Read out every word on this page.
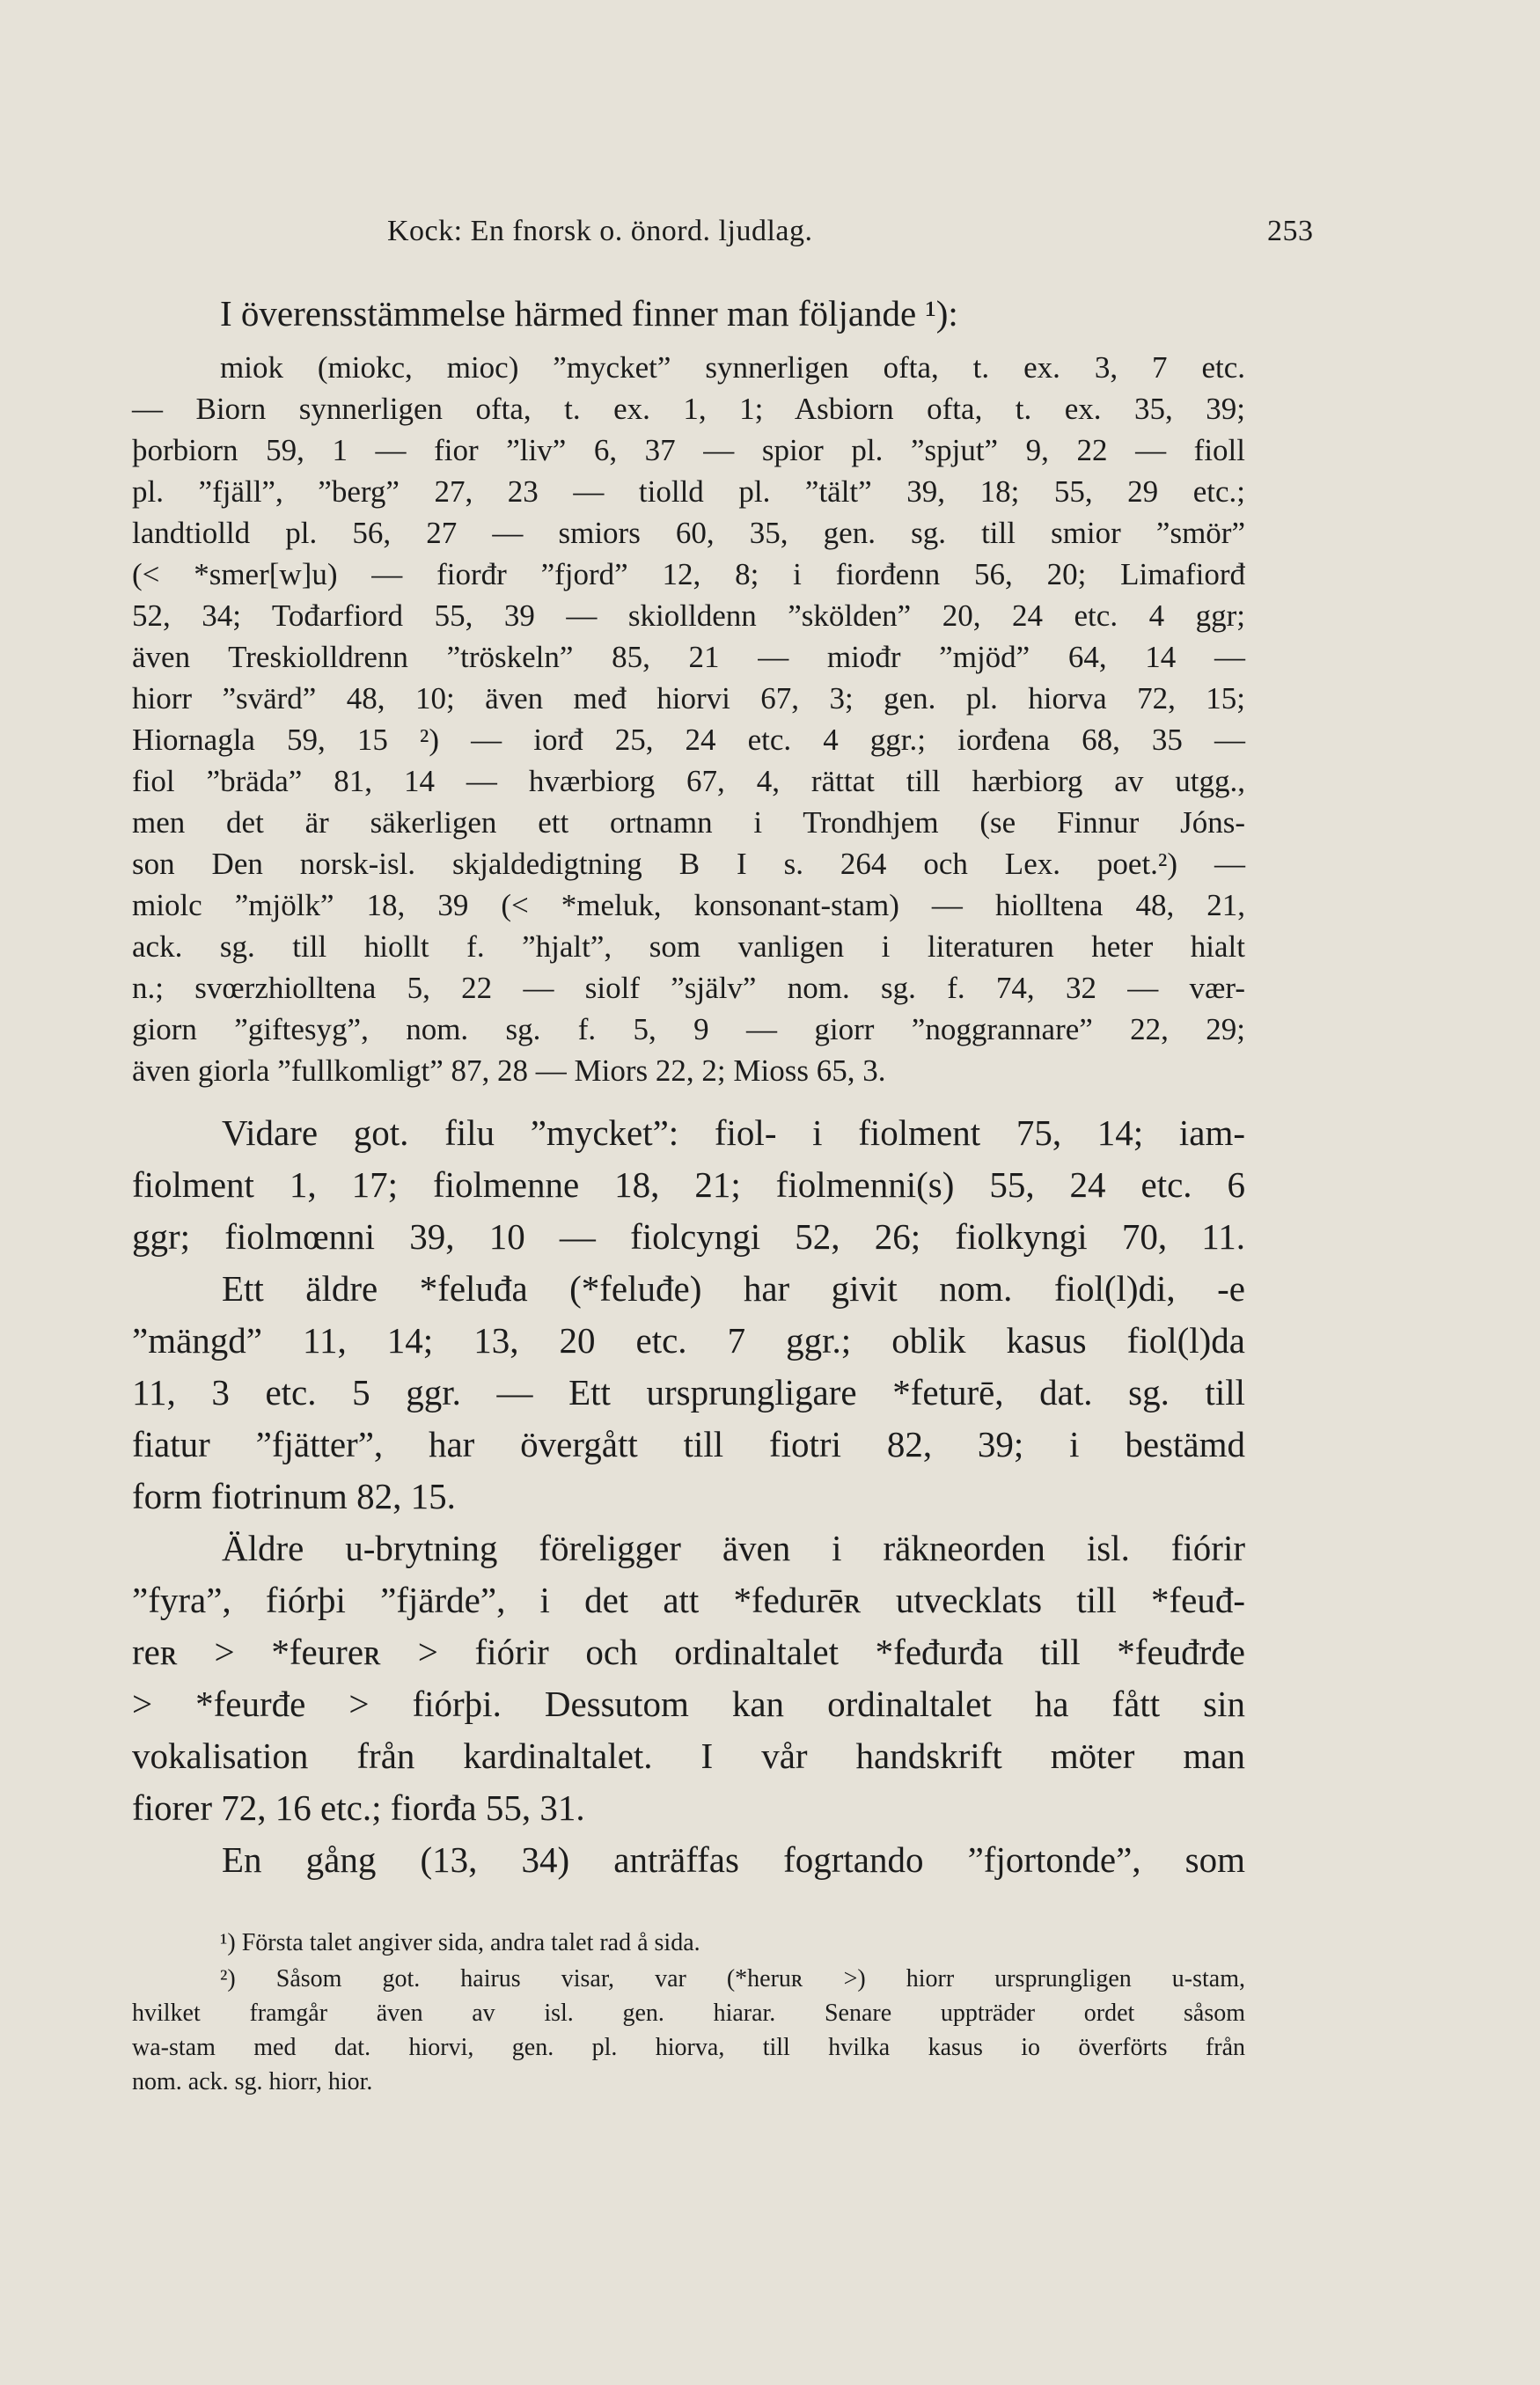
Kock: En fnorsk o. önord. ljudlag.	253
I överensstämmelse härmed finner man följande ¹):
miok (miokc, mioc) ”mycket” synnerligen ofta, t. ex. 3, 7 etc.
— Biorn synnerligen ofta, t. ex. 1, 1; Asbiorn ofta, t. ex. 35, 39;
þorbiorn 59, 1 — fior ”liv” 6, 37 — spior pl. ”spjut” 9, 22 — fioll
pl. ”fjäll”, ”berg” 27, 23 — tiolld pl. ”tält” 39, 18; 55, 29 etc.;
landtiolld pl. 56, 27 — smiors 60, 35, gen. sg. till smior ”smör”
(< *smer[w]u) — fiorđr ”fjord” 12, 8; i fiorđenn 56, 20; Limafiorđ
52, 34; Tođarfiord 55, 39 — skiolldenn ”skölden” 20, 24 etc. 4 ggr;
även Treskiolldrenn ”tröskeln” 85, 21 — miođr ”mjöd” 64, 14 —
hiorr ”svärd” 48, 10; även međ hiorvi 67, 3; gen. pl. hiorva 72, 15;
Hiornagla 59, 15 ²) — iorđ 25, 24 etc. 4 ggr.; iorđena 68, 35 —
fiol ”bräda” 81, 14 — hværbiorg 67, 4, rättat till hærbiorg av utgg.,
men det är säkerligen ett ortnamn i Trondhjem (se Finnur Jóns-
son Den norsk-isl. skjaldedigtning B I s. 264 och Lex. poet.²) —
miolc ”mjölk” 18, 39 (< *meluk, konsonant-stam) — hiolltena 48, 21,
ack. sg. till hiollt f. ”hjalt”, som vanligen i literaturen heter hialt
n.; svœrzhiolltena 5, 22 — siolf ”själv” nom. sg. f. 74, 32 — vær-
giorn ”giftesyg”, nom. sg. f. 5, 9 — giorr ”noggrannare” 22, 29;
även giorla ”fullkomligt” 87, 28 — Miors 22, 2; Mioss 65, 3.
Vidare got. filu ”mycket”: fiol- i fiolment 75, 14; iam-
fiolment 1, 17; fiolmenne 18, 21; fiolmenni(s) 55, 24 etc. 6
ggr; fiolmœnni 39, 10 — fiolcyngi 52, 26; fiolkyngi 70, 11.
Ett äldre *feluđa (*feluđe) har givit nom. fiol(l)di, -e
”mängd” 11, 14; 13, 20 etc. 7 ggr.; oblik kasus fiol(l)da
11, 3 etc. 5 ggr. — Ett ursprungligare *feturē, dat. sg. till
fiatur ”fjätter”, har övergått till fiotri 82, 39; i bestämd
form fiotrinum 82, 15.
Äldre u-brytning föreligger även i räkneorden isl. fiórir
”fyra”, fiórþi ”fjärde”, i det att *fedurēʀ utvecklats till *feuđ-
reʀ > *feureʀ > fiórir och ordinaltalet *feđurđa till *feuđrđe
> *feurđe > fiórþi. Dessutom kan ordinaltalet ha fått sin
vokalisation från kardinaltalet. I vår handskrift möter man
fiorer 72, 16 etc.; fiorđa 55, 31.
En gång (13, 34) anträffas fogrtando ”fjortonde”, som
¹) Första talet angiver sida, andra talet rad å sida.
²) Såsom got. hairus visar, var (*heruʀ >) hiorr ursprungligen u-stam,
hvilket framgår även av isl. gen. hiarar. Senare uppträder ordet såsom
wa-stam med dat. hiorvi, gen. pl. hiorva, till hvilka kasus io överförts från
nom. ack. sg. hiorr, hior.
